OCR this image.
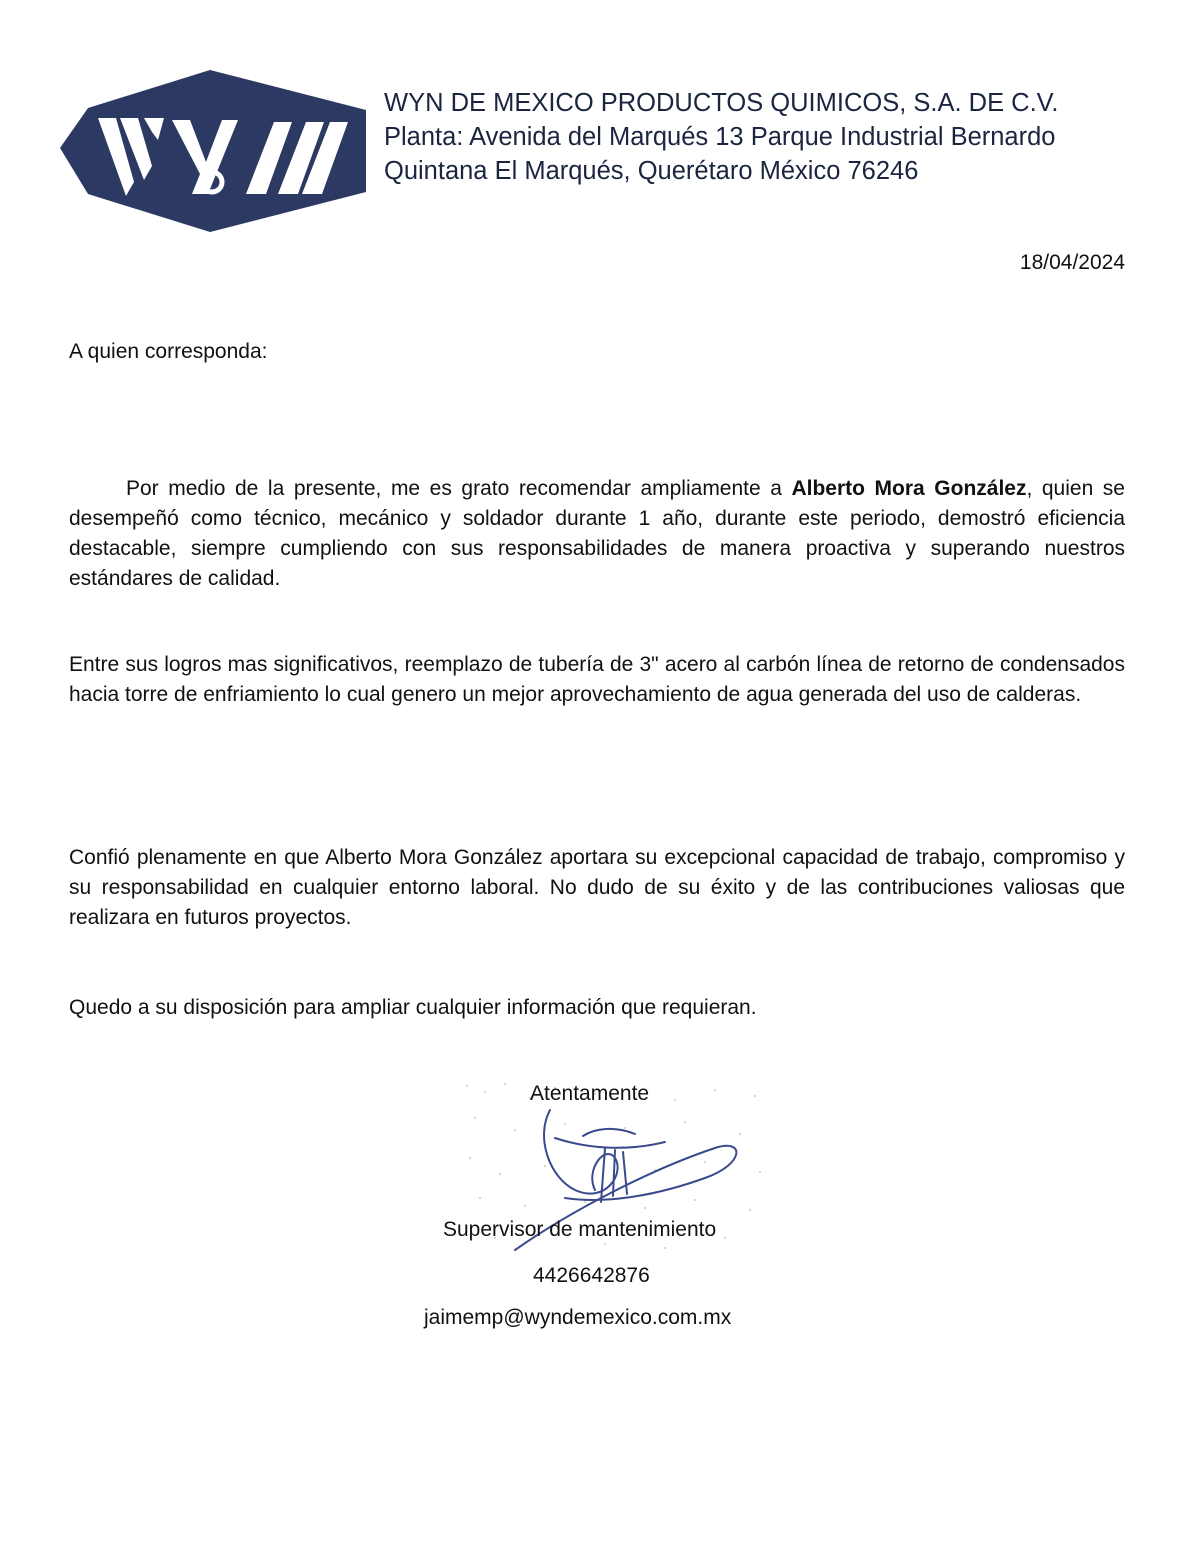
WYN DE MEXICO PRODUCTOS QUIMICOS, S.A. DE C.V.
Planta: Avenida del Marqués 13 Parque Industrial Bernardo
Quintana El Marqués, Querétaro México 76246
18/04/2024
A quien corresponda:
Por medio de la presente, me es grato recomendar ampliamente a Alberto Mora González, quien se desempeñó como técnico, mecánico y soldador durante 1 año, durante este periodo, demostró eficiencia destacable, siempre cumpliendo con sus responsabilidades de manera proactiva y superando nuestros estándares de calidad.
Entre sus logros mas significativos, reemplazo de tubería de 3" acero al carbón línea de retorno de condensados hacia torre de enfriamiento lo cual genero un mejor aprovechamiento de agua generada del uso de calderas.
Confió plenamente en que Alberto Mora González aportara su excepcional capacidad de trabajo, compromiso y su responsabilidad en cualquier entorno laboral. No dudo de su éxito y de las contribuciones valiosas que realizara en futuros proyectos.
Quedo a su disposición para ampliar cualquier información que requieran.
Atentamente
Supervisor de mantenimiento
4426642876
jaimemp@wyndemexico.com.mx
